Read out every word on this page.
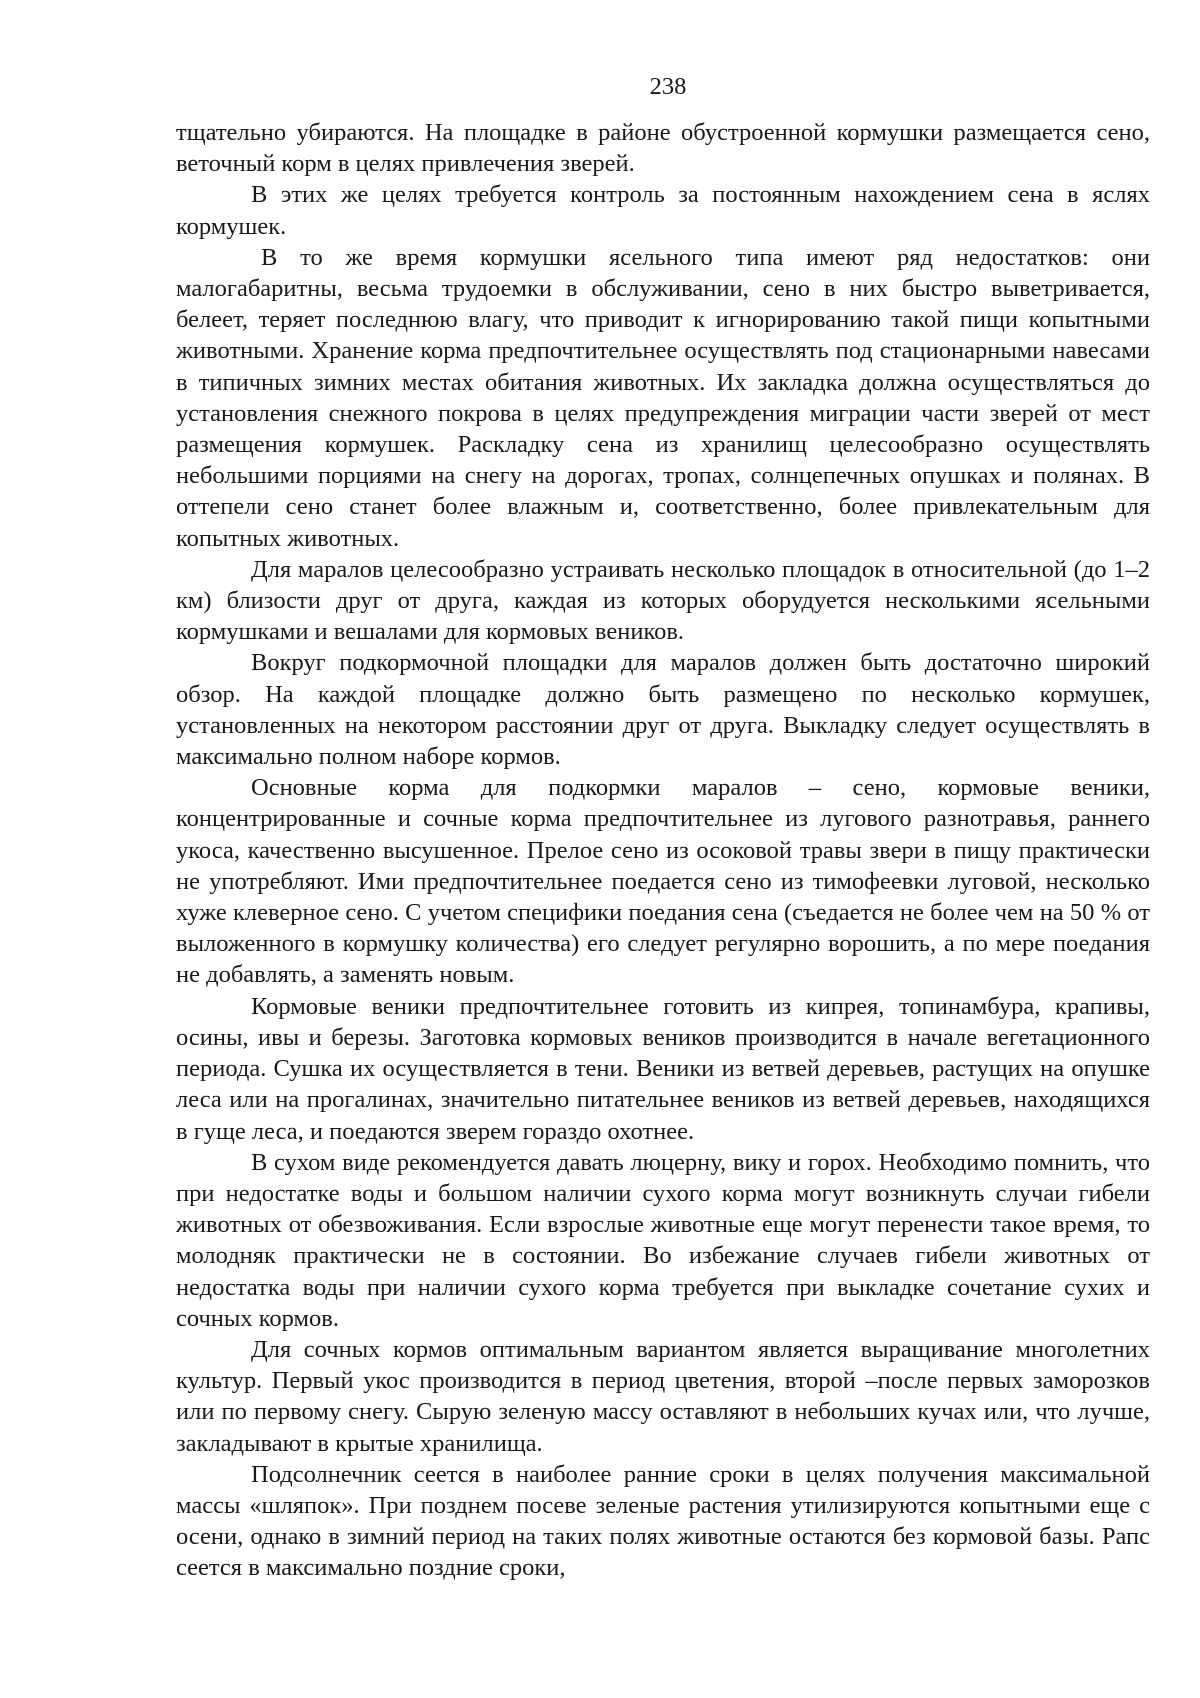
238

тщательно убираются. На площадке в районе обустроенной кормушки размещается сено, веточный корм в целях привлечения зверей.

В этих же целях требуется контроль за постоянным нахождением сена в яслях кормушек.

В то же время кормушки ясельного типа имеют ряд недостатков: они малогабаритны, весьма трудоемки в обслуживании, сено в них быстро выветривается, белеет, теряет последнюю влагу, что приводит к игнорированию такой пищи копытными животными. Хранение корма предпочтительнее осуществлять под стационарными навесами в типичных зимних местах обитания животных. Их закладка должна осуществляться до установления снежного покрова в целях предупреждения миграции части зверей от мест размещения кормушек. Раскладку сена из хранилищ целесообразно осуществлять небольшими порциями на снегу на дорогах, тропах, солнцепечных опушках и полянах. В оттепели сено станет более влажным и, соответственно, более привлекательным для копытных животных.

Для маралов целесообразно устраивать несколько площадок в относительной (до 1–2 км) близости друг от друга, каждая из которых оборудуется несколькими ясельными кормушками и вешалами для кормовых веников.

Вокруг подкормочной площадки для маралов должен быть достаточно широкий обзор. На каждой площадке должно быть размещено по несколько кормушек, установленных на некотором расстоянии друг от друга. Выкладку следует осуществлять в максимально полном наборе кормов.

Основные корма для подкормки маралов – сено, кормовые веники, концентрированные и сочные корма предпочтительнее из лугового разнотравья, раннего укоса, качественно высушенное. Прелое сено из осоковой травы звери в пищу практически не употребляют. Ими предпочтительнее поедается сено из тимофеевки луговой, несколько хуже клеверное сено. С учетом специфики поедания сена (съедается не более чем на 50 % от выложенного в кормушку количества) его следует регулярно ворошить, а по мере поедания не добавлять, а заменять новым.

Кормовые веники предпочтительнее готовить из кипрея, топинамбура, крапивы, осины, ивы и березы. Заготовка кормовых веников производится в начале вегетационного периода. Сушка их осуществляется в тени. Веники из ветвей деревьев, растущих на опушке леса или на прогалинах, значительно питательнее веников из ветвей деревьев, находящихся в гуще леса, и поедаются зверем гораздо охотнее.

В сухом виде рекомендуется давать люцерну, вику и горох. Необходимо помнить, что при недостатке воды и большом наличии сухого корма могут возникнуть случаи гибели животных от обезвоживания. Если взрослые животные еще могут перенести такое время, то молодняк практически не в состоянии. Во избежание случаев гибели животных от недостатка воды при наличии сухого корма требуется при выкладке сочетание сухих и сочных кормов.

Для сочных кормов оптимальным вариантом является выращивание многолетних культур. Первый укос производится в период цветения, второй –после первых заморозков или по первому снегу. Сырую зеленую массу оставляют в небольших кучах или, что лучше, закладывают в крытые хранилища.

Подсолнечник сеется в наиболее ранние сроки в целях получения максимальной массы «шляпок». При позднем посеве зеленые растения утилизируются копытными еще с осени, однако в зимний период на таких полях животные остаются без кормовой базы. Рапс сеется в максимально поздние сроки,
